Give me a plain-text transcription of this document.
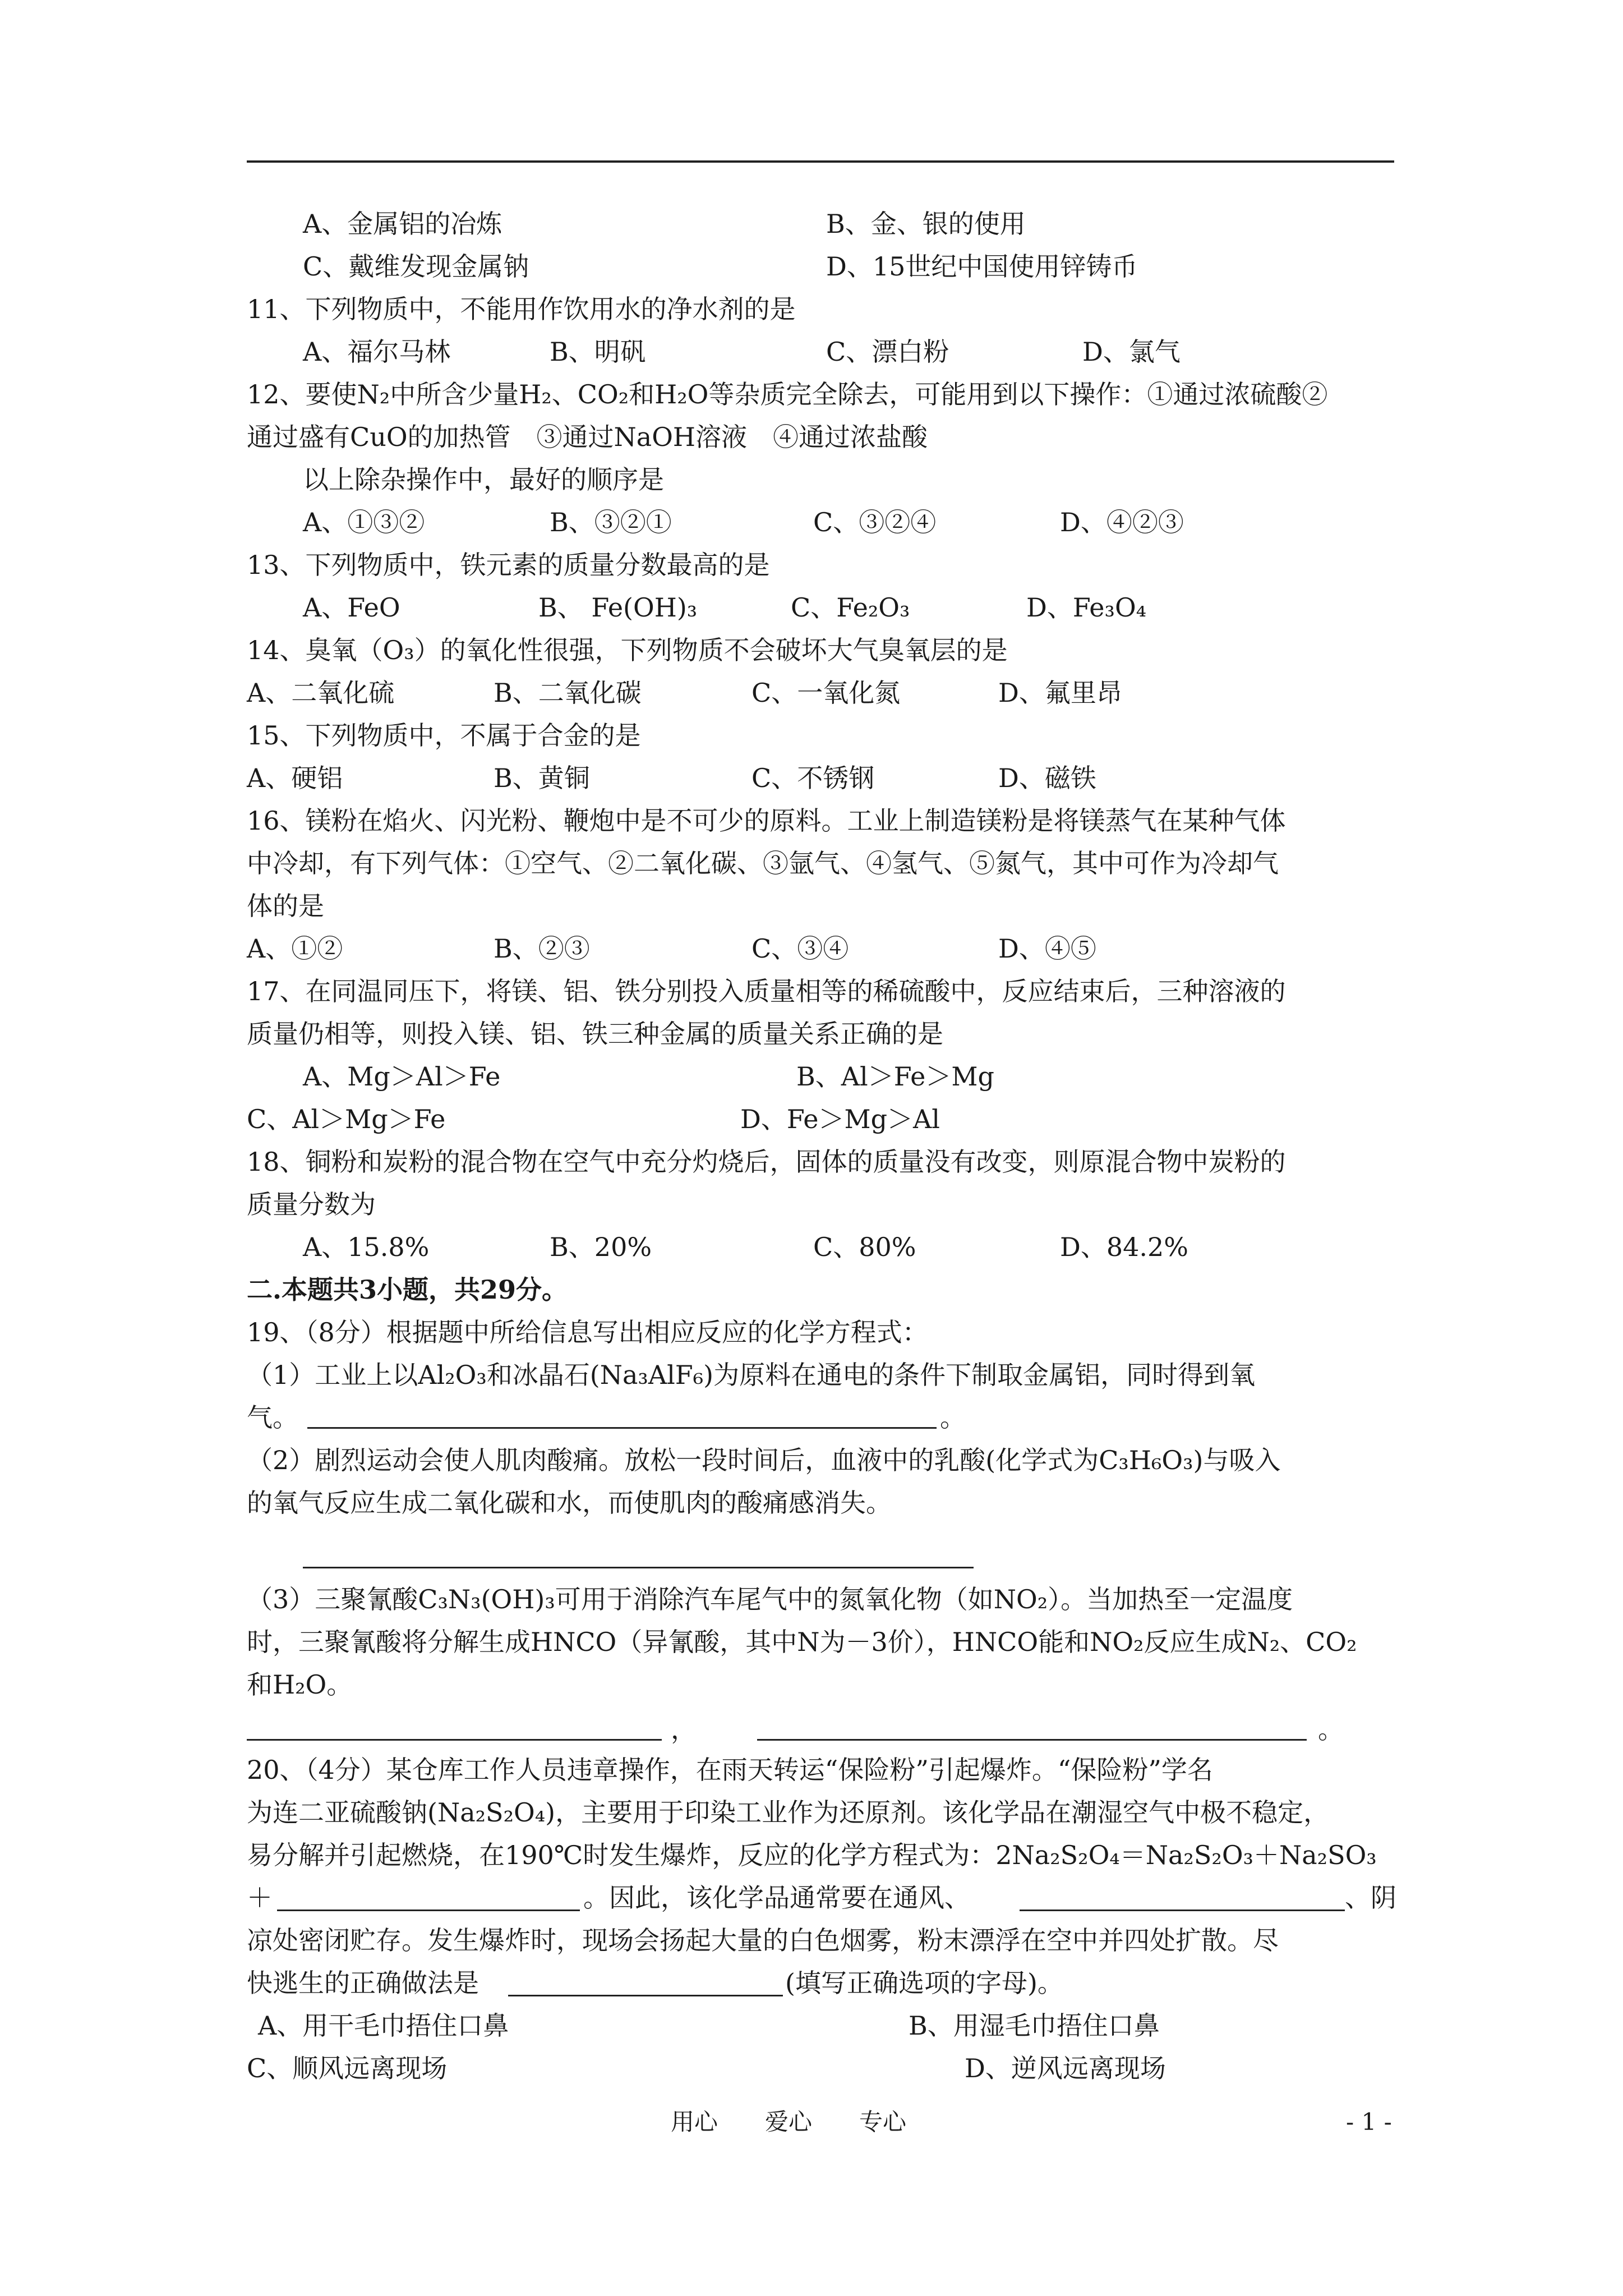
A、金属铝的冶炼	B、金、银的使用
C、戴维发现金属钠	D、15世纪中国使用锌铸币
11、下列物质中，不能用作饮用水的净水剂的是
A、福尔马林	B、明矾	C、漂白粉	D、氯气
12、要使N₂中所含少量H₂、CO₂和H₂O等杂质完全除去，可能用到以下操作：①通过浓硫酸②
通过盛有CuO的加热管　③通过NaOH溶液　④通过浓盐酸
以上除杂操作中，最好的顺序是
A、①③②	B、③②①	C、③②④	D、④②③
13、下列物质中，铁元素的质量分数最高的是
A、FeO	B、 Fe(OH)₃	C、Fe₂O₃	D、Fe₃O₄
14、臭氧（O₃）的氧化性很强，下列物质不会破坏大气臭氧层的是
A、二氧化硫	B、二氧化碳	C、一氧化氮	D、氟里昂
15、下列物质中，不属于合金的是
A、硬铝	B、黄铜	C、不锈钢	D、磁铁
16、镁粉在焰火、闪光粉、鞭炮中是不可少的原料。工业上制造镁粉是将镁蒸气在某种气体
中冷却，有下列气体：①空气、②二氧化碳、③氩气、④氢气、⑤氮气，其中可作为冷却气
体的是
A、①②	B、②③	C、③④	D、④⑤
17、在同温同压下，将镁、铝、铁分别投入质量相等的稀硫酸中，反应结束后，三种溶液的
质量仍相等，则投入镁、铝、铁三种金属的质量关系正确的是
A、Mg＞Al＞Fe	B、Al＞Fe＞Mg
C、Al＞Mg＞Fe	D、Fe＞Mg＞Al
18、铜粉和炭粉的混合物在空气中充分灼烧后，固体的质量没有改变，则原混合物中炭粉的
质量分数为
A、15.8%	B、20%	C、80%	D、84.2%
二.本题共3小题，共29分。
19、（8分）根据题中所给信息写出相应反应的化学方程式：
（1）工业上以Al₂O₃和冰晶石(Na₃AlF₆)为原料在通电的条件下制取金属铝，同时得到氧
气。	。
（2）剧烈运动会使人肌肉酸痛。放松一段时间后，血液中的乳酸(化学式为C₃H₆O₃)与吸入
的氧气反应生成二氧化碳和水，而使肌肉的酸痛感消失。
（3）三聚氰酸C₃N₃(OH)₃可用于消除汽车尾气中的氮氧化物（如NO₂）。当加热至一定温度
时，三聚氰酸将分解生成HNCO（异氰酸，其中N为－3价），HNCO能和NO₂反应生成N₂、CO₂
和H₂O。
，	。
20、（4分）某仓库工作人员违章操作，在雨天转运“保险粉”引起爆炸。“保险粉”学名
为连二亚硫酸钠(Na₂S₂O₄)，主要用于印染工业作为还原剂。该化学品在潮湿空气中极不稳定，
易分解并引起燃烧，在190℃时发生爆炸，反应的化学方程式为：2Na₂S₂O₄＝Na₂S₂O₃＋Na₂SO₃
＋	。因此，该化学品通常要在通风、	、阴
凉处密闭贮存。发生爆炸时，现场会扬起大量的白色烟雾，粉末漂浮在空中并四处扩散。尽
快逃生的正确做法是	(填写正确选项的字母)。
A、用干毛巾捂住口鼻	B、用湿毛巾捂住口鼻
C、顺风远离现场	D、逆风远离现场
用心　　爱心　　专心	- 1 -
